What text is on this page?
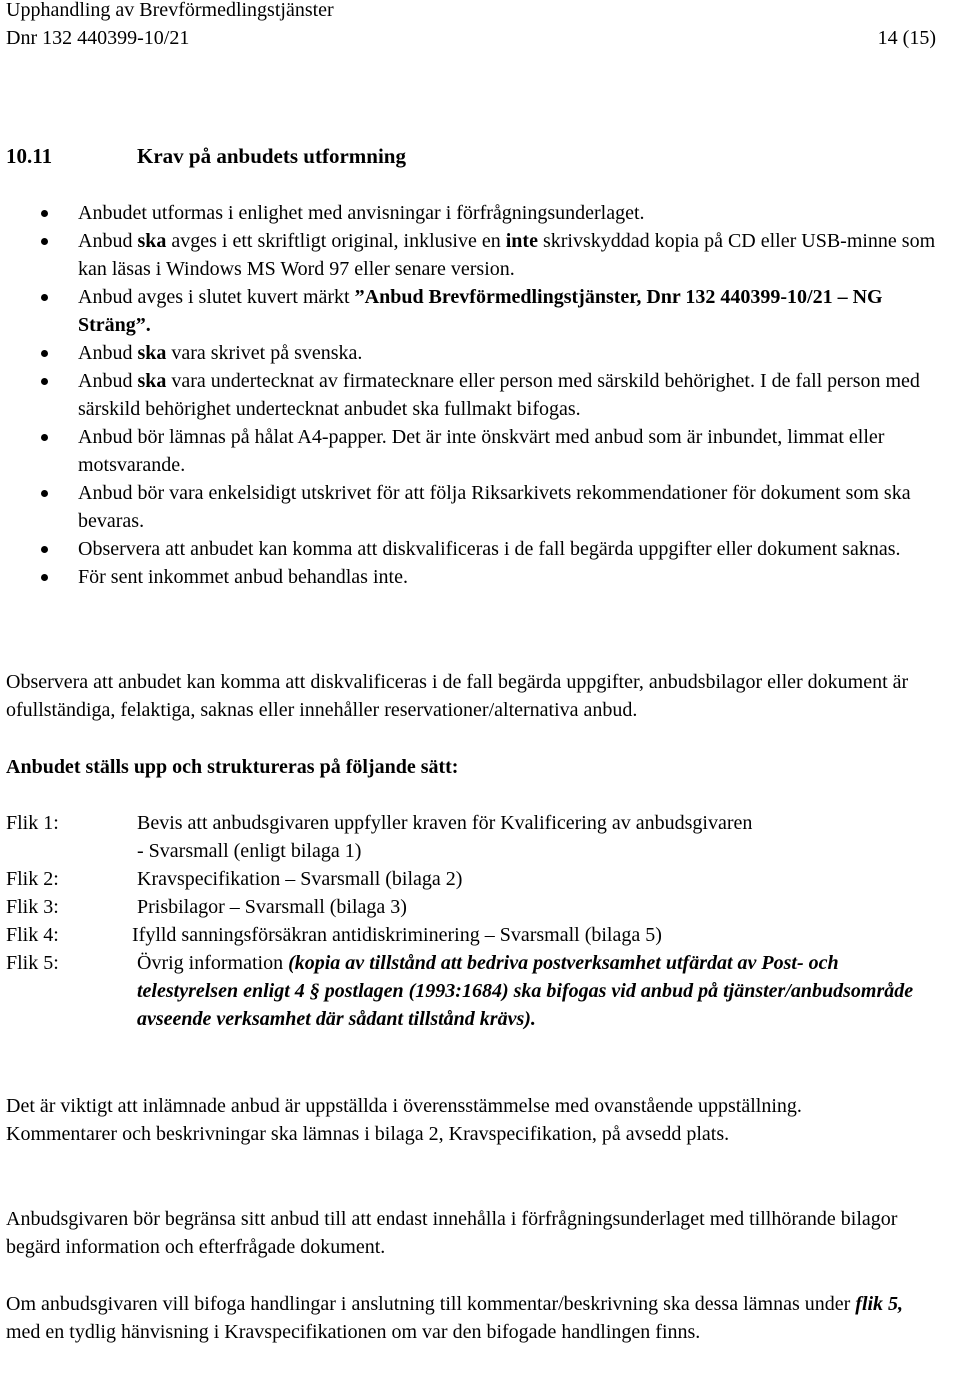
Upphandling av Brevförmedlingstjänster
Dnr 132 440399-10/21	14 (15)
10.11	Krav på anbudets utformning
Anbudet utformas i enlighet med anvisningar i förfrågningsunderlaget.
Anbud ska avges i ett skriftligt original, inklusive en inte skrivskyddad kopia på CD eller USB-minne som kan läsas i Windows MS Word 97 eller senare version.
Anbud avges i slutet kuvert märkt ”Anbud Brevförmedlingstjänster, Dnr 132 440399-10/21 – NG Sträng”.
Anbud ska vara skrivet på svenska.
Anbud ska vara undertecknat av firmatecknare eller person med särskild behörighet. I de fall person med särskild behörighet undertecknat anbudet ska fullmakt bifogas.
Anbud bör lämnas på hålat A4-papper. Det är inte önskvärt med anbud som är inbundet, limmat eller motsvarande.
Anbud bör vara enkelsidigt utskrivet för att följa Riksarkivets rekommendationer för dokument som ska bevaras.
Observera att anbudet kan komma att diskvalificeras i de fall begärda uppgifter eller dokument saknas.
För sent inkommet anbud behandlas inte.
Observera att anbudet kan komma att diskvalificeras i de fall begärda uppgifter, anbudsbilagor eller dokument är ofullständiga, felaktiga, saknas eller innehåller reservationer/alternativa anbud.
Anbudet ställs upp och struktureras på följande sätt:
Flik 1:	Bevis att anbudsgivaren uppfyller kraven för Kvalificering av anbudsgivaren
- Svarsmall (enligt bilaga 1)
Flik 2:	Kravspecifikation – Svarsmall (bilaga 2)
Flik 3:	Prisbilagor – Svarsmall (bilaga 3)
Flik 4:	Ifylld sanningsförsäkran antidiskriminering – Svarsmall (bilaga 5)
Flik 5:	Övrig information (kopia av tillstånd att bedriva postverksamhet utfärdat av Post- och telestyrelsen enligt 4 § postlagen (1993:1684) ska bifogas vid anbud på tjänster/anbudsområde avseende verksamhet där sådant tillstånd krävs).
Det är viktigt att inlämnade anbud är uppställda i överensstämmelse med ovanstående uppställning. Kommentarer och beskrivningar ska lämnas i bilaga 2, Kravspecifikation, på avsedd plats.
Anbudsgivaren bör begränsa sitt anbud till att endast innehålla i förfrågningsunderlaget med tillhörande bilagor begärd information och efterfrågade dokument.
Om anbudsgivaren vill bifoga handlingar i anslutning till kommentar/beskrivning ska dessa lämnas under flik 5, med en tydlig hänvisning i Kravspecifikationen om var den bifogade handlingen finns.
